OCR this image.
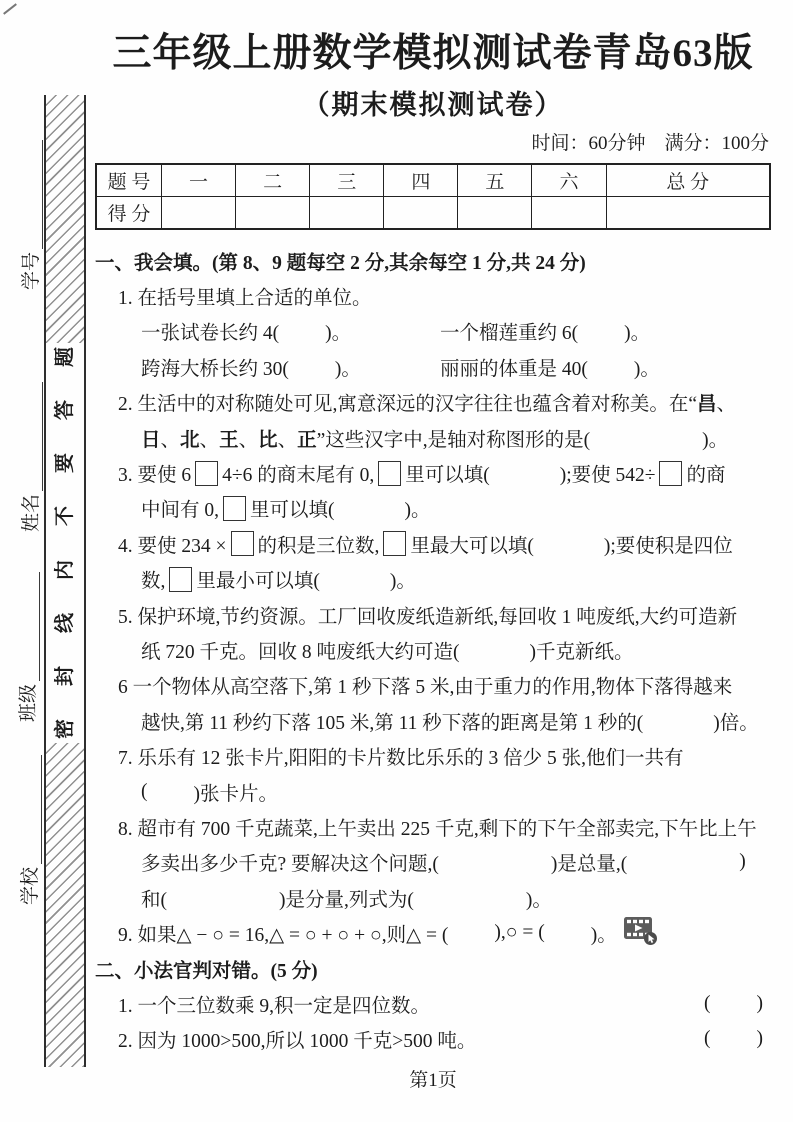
学号
姓名
班级
学校
题
答
要
不
内
线
封
密
三年级上册数学模拟测试卷青岛63版
（期末模拟测试卷）
时间：60分钟　满分：100分
题 号	一	二	三	四	五	六	总 分
得 分							
一、我会填。(第 8、9 题每空 2 分,其余每空 1 分,共 24 分)
1. 在括号里填上合适的单位。
一张试卷长约 4( )。	一个榴莲重约 6( )。
跨海大桥长约 30( )。	丽丽的体重是 40( )。
2. 生活中的对称随处可见,寓意深远的汉字往往也蕴含着对称美。在“ 昌 、
日 、 北 、 王 、 比 、 正 ”这些汉字中,是轴对称图形的是(	)。
3. 要使 6 4÷6 的商末尾有 0, 里可以填(	);要使 542÷ 的商
中间有 0, 里可以填(	)。
4. 要使 234 × 的积是三位数, 里最大可以填(	);要使积是四位
数, 里最小可以填(	)。
5. 保护环境,节约资源。工厂回收废纸造新纸,每回收 1 吨废纸,大约可造新
纸 720 千克。回收 8 吨废纸大约可造(	)千克新纸。
6 一个物体从高空落下,第 1 秒下落 5 米,由于重力的作用,物体下落得越来
越快,第 11 秒约下落 105 米,第 11 秒下落的距离是第 1 秒的(	)倍。
7. 乐乐有 12 张卡片,阳阳的卡片数比乐乐的 3 倍少 5 张,他们一共有
( )张卡片。
8. 超市有 700 千克蔬菜,上午卖出 225 千克,剩下的下午全部卖完,下午比上午
多卖出多少千克? 要解决这个问题,(	)是总量,(	)
和(	)是分量,列式为(	)。
9. 如果△ − ○ = 16,△ = ○ + ○ + ○,则△ = ( ),○ = ( )。
二、小法官判对错。(5 分)
1. 一个三位数乘 9,积一定是四位数。	( )
2. 因为 1000>500,所以 1000 千克>500 吨。	( )
第1页
